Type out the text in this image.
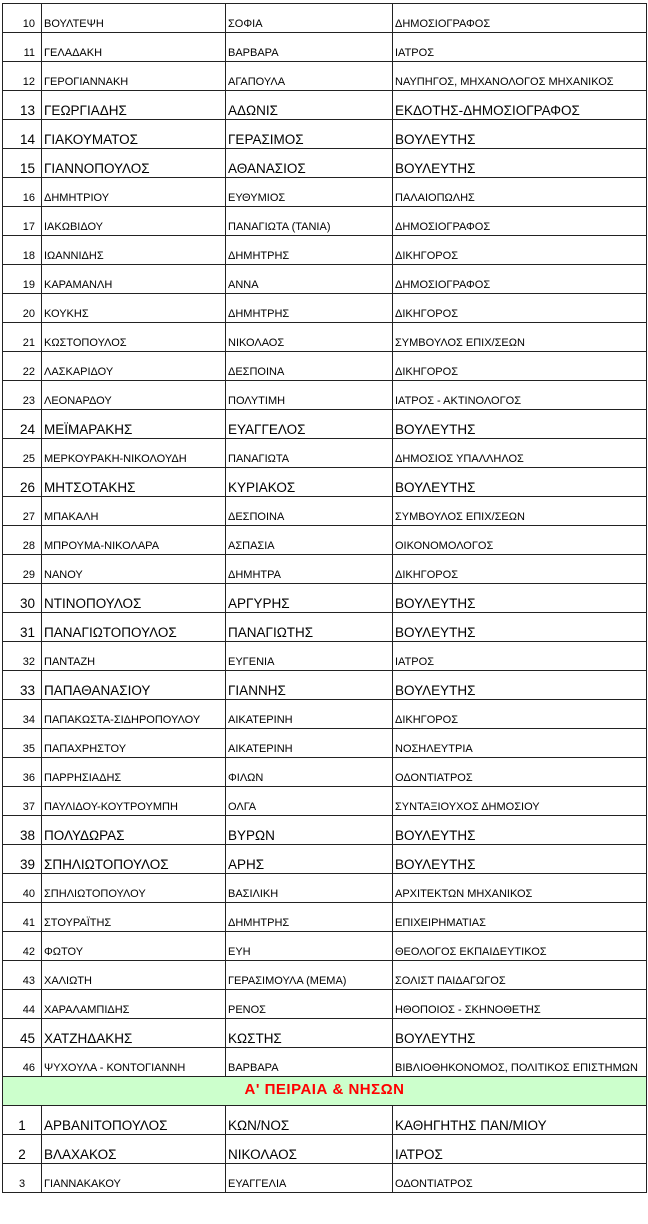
10	ΒΟΥΛΤΕΨΗ	ΣΟΦΙΑ	ΔΗΜΟΣΙΟΓΡΑΦΟΣ
11	ΓΕΛΑΔΑΚΗ	ΒΑΡΒΑΡΑ	ΙΑΤΡΟΣ
12	ΓΕΡΟΓΙΑΝΝΑΚΗ	ΑΓΑΠΟΥΛΑ	ΝΑΥΠΗΓΟΣ, ΜΗΧΑΝΟΛΟΓΟΣ ΜΗΧΑΝΙΚΟΣ
13	ΓΕΩΡΓΙΑΔΗΣ	ΑΔΩΝΙΣ	ΕΚΔΟΤΗΣ-ΔΗΜΟΣΙΟΓΡΑΦΟΣ
14	ΓΙΑΚΟΥΜΑΤΟΣ	ΓΕΡΑΣΙΜΟΣ	ΒΟΥΛΕΥΤΗΣ
15	ΓΙΑΝΝΟΠΟΥΛΟΣ	ΑΘΑΝΑΣΙΟΣ	ΒΟΥΛΕΥΤΗΣ
16	ΔΗΜΗΤΡΙΟΥ	ΕΥΘΥΜΙΟΣ	ΠΑΛΑΙΟΠΩΛΗΣ
17	ΙΑΚΩΒΙΔΟΥ	ΠΑΝΑΓΙΩΤΑ (ΤΑΝΙΑ)	ΔΗΜΟΣΙΟΓΡΑΦΟΣ
18	ΙΩΑΝΝΙΔΗΣ	ΔΗΜΗΤΡΗΣ	ΔΙΚΗΓΟΡΟΣ
19	ΚΑΡΑΜΑΝΛΗ	ΑΝΝΑ	ΔΗΜΟΣΙΟΓΡΑΦΟΣ
20	ΚΟΥΚΗΣ	ΔΗΜΗΤΡΗΣ	ΔΙΚΗΓΟΡΟΣ
21	ΚΩΣΤΟΠΟΥΛΟΣ	ΝΙΚΟΛΑΟΣ	ΣΥΜΒΟΥΛΟΣ ΕΠΙΧ/ΣΕΩΝ
22	ΛΑΣΚΑΡΙΔΟΥ	ΔΕΣΠΟΙΝΑ	ΔΙΚΗΓΟΡΟΣ
23	ΛΕΟΝΑΡΔΟΥ	ΠΟΛΥΤΙΜΗ	ΙΑΤΡΟΣ - ΑΚΤΙΝΟΛΟΓΟΣ
24	ΜΕΪΜΑΡΑΚΗΣ	ΕΥΑΓΓΕΛΟΣ	ΒΟΥΛΕΥΤΗΣ
25	ΜΕΡΚΟΥΡΑΚΗ-ΝΙΚΟΛΟΥΔΗ	ΠΑΝΑΓΙΩΤΑ	ΔΗΜΟΣΙΟΣ ΥΠΑΛΛΗΛΟΣ
26	ΜΗΤΣΟΤΑΚΗΣ	ΚΥΡΙΑΚΟΣ	ΒΟΥΛΕΥΤΗΣ
27	ΜΠΑΚΑΛΗ	ΔΕΣΠΟΙΝΑ	ΣΥΜΒΟΥΛΟΣ ΕΠΙΧ/ΣΕΩΝ
28	ΜΠΡΟΥΜΑ-ΝΙΚΟΛΑΡΑ	ΑΣΠΑΣΙΑ	ΟΙΚΟΝΟΜΟΛΟΓΟΣ
29	ΝΑΝΟΥ	ΔΗΜΗΤΡΑ	ΔΙΚΗΓΟΡΟΣ
30	ΝΤΙΝΟΠΟΥΛΟΣ	ΑΡΓΥΡΗΣ	ΒΟΥΛΕΥΤΗΣ
31	ΠΑΝΑΓΙΩΤΟΠΟΥΛΟΣ	ΠΑΝΑΓΙΩΤΗΣ	ΒΟΥΛΕΥΤΗΣ
32	ΠΑΝΤΑΖΗ	ΕΥΓΕΝΙΑ	ΙΑΤΡΟΣ
33	ΠΑΠΑΘΑΝΑΣΙΟΥ	ΓΙΑΝΝΗΣ	ΒΟΥΛΕΥΤΗΣ
34	ΠΑΠΑΚΩΣΤΑ-ΣΙΔΗΡΟΠΟΥΛΟΥ	ΑΙΚΑΤΕΡΙΝΗ	ΔΙΚΗΓΟΡΟΣ
35	ΠΑΠΑΧΡΗΣΤΟΥ	ΑΙΚΑΤΕΡΙΝΗ	ΝΟΣΗΛΕΥΤΡΙΑ
36	ΠΑΡΡΗΣΙΑΔΗΣ	ΦΙΛΩΝ	ΟΔΟΝΤΙΑΤΡΟΣ
37	ΠΑΥΛΙΔΟΥ-ΚΟΥΤΡΟΥΜΠΗ	ΟΛΓΑ	ΣΥΝΤΑΞΙΟΥΧΟΣ ΔΗΜΟΣΙΟΥ
38	ΠΟΛΥΔΩΡΑΣ	ΒΥΡΩΝ	ΒΟΥΛΕΥΤΗΣ
39	ΣΠΗΛΙΩΤΟΠΟΥΛΟΣ	ΑΡΗΣ	ΒΟΥΛΕΥΤΗΣ
40	ΣΠΗΛΙΩΤΟΠΟΥΛΟΥ	ΒΑΣΙΛΙΚΗ	ΑΡΧΙΤΕΚΤΩΝ ΜΗΧΑΝΙΚΟΣ
41	ΣΤΟΥΡΑΪΤΗΣ	ΔΗΜΗΤΡΗΣ	ΕΠΙΧΕΙΡΗΜΑΤΙΑΣ
42	ΦΩΤΟΥ	ΕΥΗ	ΘΕΟΛΟΓΟΣ ΕΚΠΑΙΔΕΥΤΙΚΟΣ
43	ΧΑΛΙΩΤΗ	ΓΕΡΑΣΙΜΟΥΛΑ (ΜΕΜΑ)	ΣΟΛΙΣΤ ΠΑΙΔΑΓΩΓΟΣ
44	ΧΑΡΑΛΑΜΠΙΔΗΣ	ΡΕΝΟΣ	ΗΘΟΠΟΙΟΣ - ΣΚΗΝΟΘΕΤΗΣ
45	ΧΑΤΖΗΔΑΚΗΣ	ΚΩΣΤΗΣ	ΒΟΥΛΕΥΤΗΣ
46	ΨΥΧΟΥΛΑ - ΚΟΝΤΟΓΙΑΝΝΗ	ΒΑΡΒΑΡΑ	ΒΙΒΛΙΟΘΗΚΟΝΟΜΟΣ, ΠΟΛΙΤΙΚΟΣ ΕΠΙΣΤΗΜΩΝ
Α' ΠΕΙΡΑΙΑ & ΝΗΣΩΝ			
1	ΑΡΒΑΝΙΤΟΠΟΥΛΟΣ	ΚΩΝ/ΝΟΣ	ΚΑΘΗΓΗΤΗΣ ΠΑΝ/ΜΙΟΥ
2	ΒΛΑΧΑΚΟΣ	ΝΙΚΟΛΑΟΣ	ΙΑΤΡΟΣ
3	ΓΙΑΝΝΑΚΑΚΟΥ	ΕΥΑΓΓΕΛΙΑ	ΟΔΟΝΤΙΑΤΡΟΣ
